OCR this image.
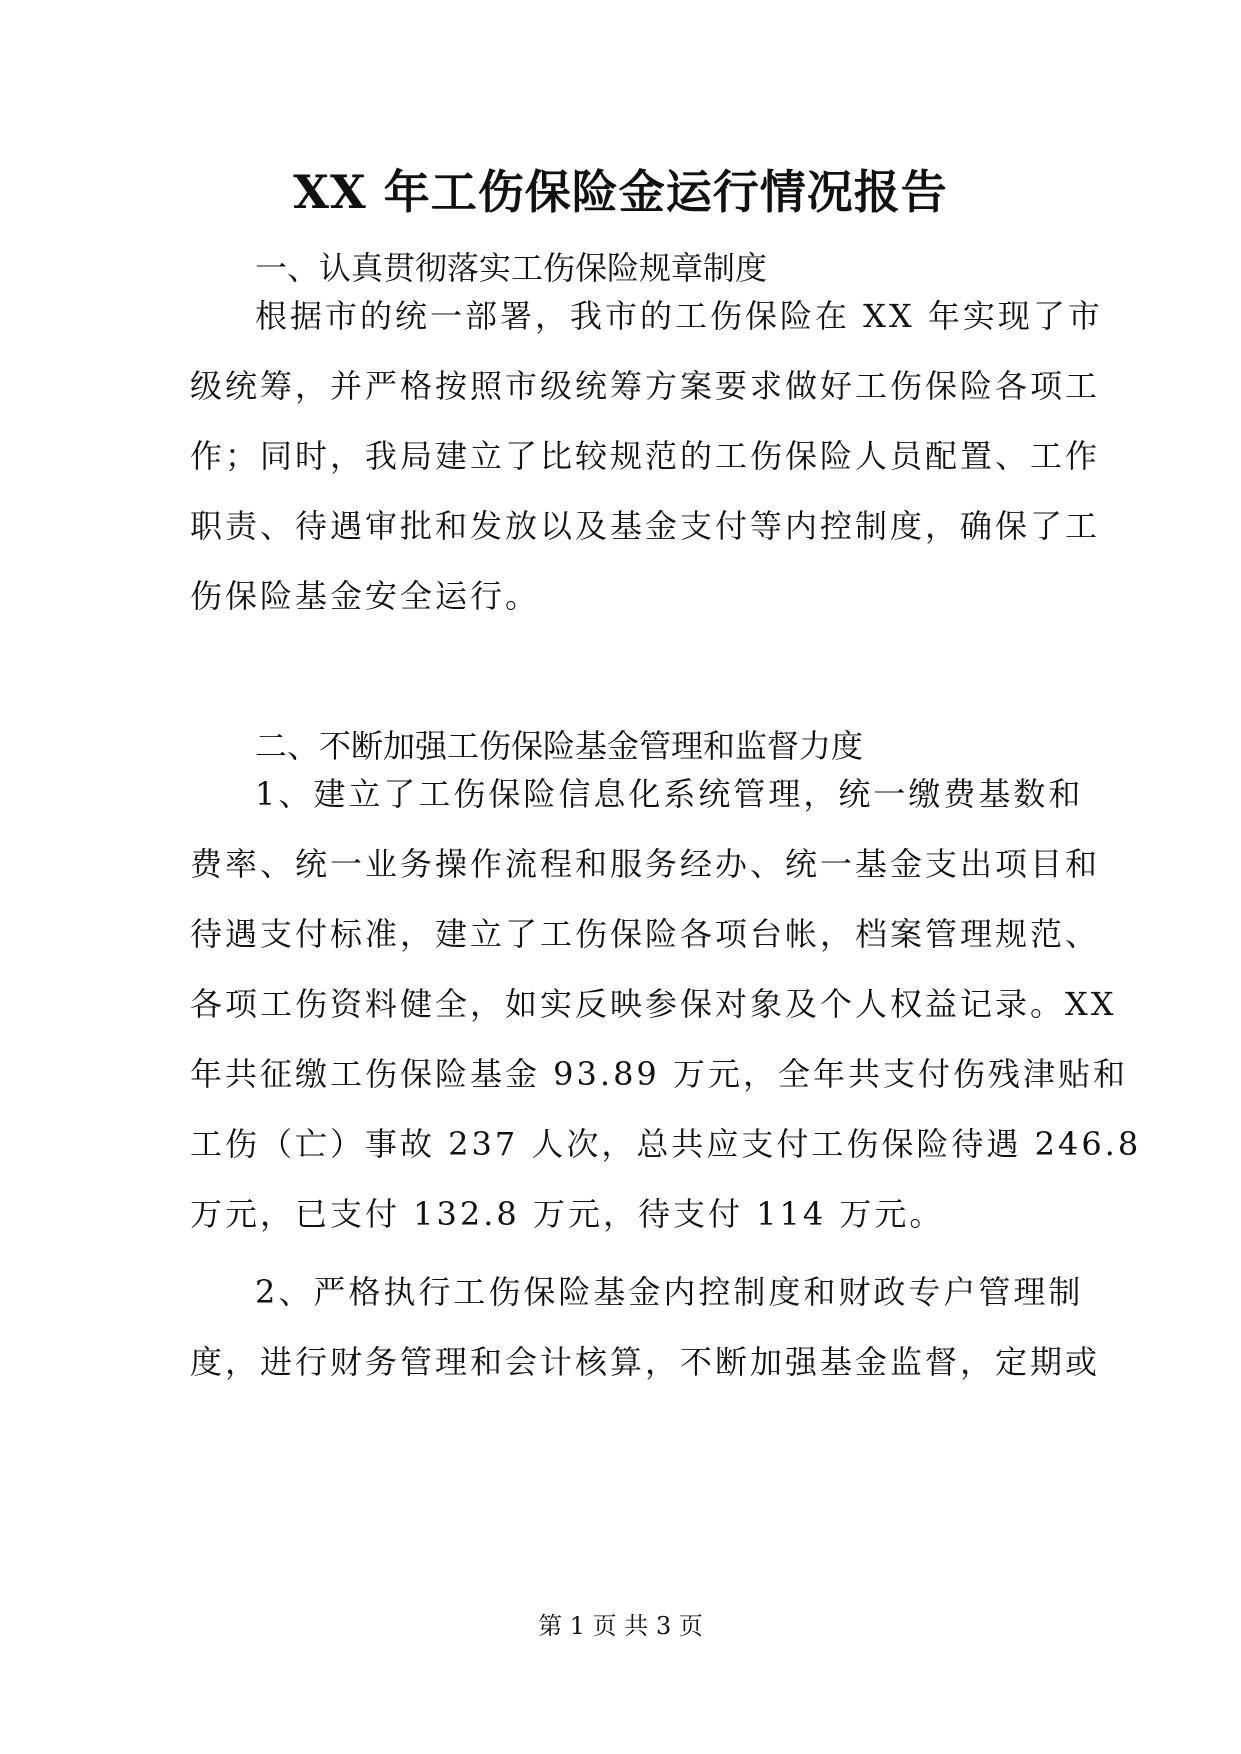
XX 年工伤保险金运行情况报告
一、认真贯彻落实工伤保险规章制度
根据市的统一部署，我市的工伤保险在 XX 年实现了市
级统筹，并严格按照市级统筹方案要求做好工伤保险各项工
作；同时，我局建立了比较规范的工伤保险人员配置、工作
职责、待遇审批和发放以及基金支付等内控制度，确保了工
伤保险基金安全运行。
二、不断加强工伤保险基金管理和监督力度
1、建立了工伤保险信息化系统管理，统一缴费基数和
费率、统一业务操作流程和服务经办、统一基金支出项目和
待遇支付标准，建立了工伤保险各项台帐，档案管理规范、
各项工伤资料健全，如实反映参保对象及个人权益记录。XX
年共征缴工伤保险基金 93.89 万元，全年共支付伤残津贴和
工伤（亡）事故 237 人次，总共应支付工伤保险待遇 246.8
万元，已支付 132.8 万元，待支付 114 万元。
2、严格执行工伤保险基金内控制度和财政专户管理制
度，进行财务管理和会计核算，不断加强基金监督，定期或
第 1 页 共 3 页
